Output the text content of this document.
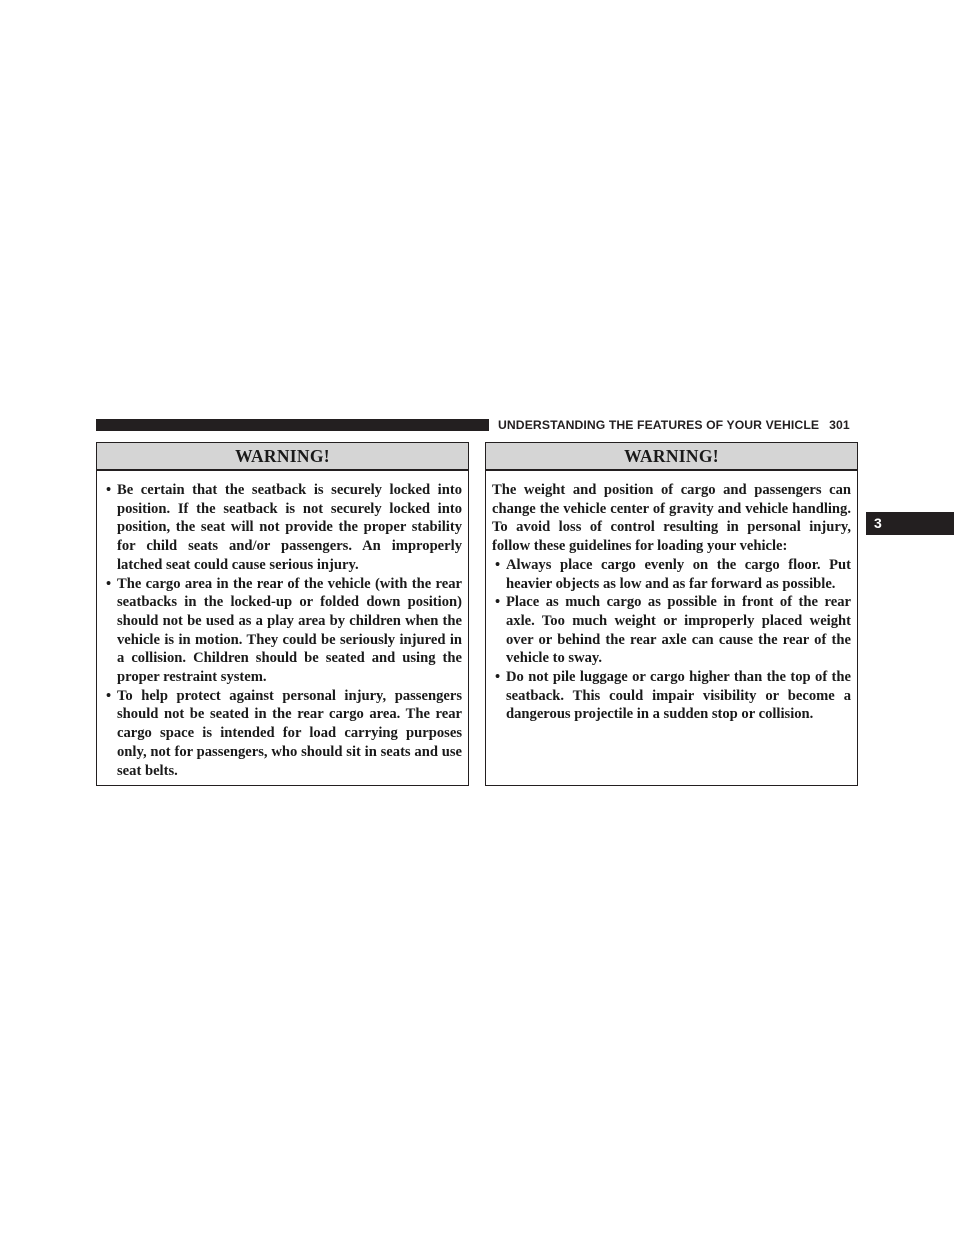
UNDERSTANDING THE FEATURES OF YOUR VEHICLE 301
3
WARNING!
• Be certain that the seatback is securely locked into position. If the seatback is not securely locked into position, the seat will not provide the proper stability for child seats and/or passengers. An improperly latched seat could cause serious injury.
• The cargo area in the rear of the vehicle (with the rear seatbacks in the locked-up or folded down position) should not be used as a play area by children when the vehicle is in motion. They could be seriously injured in a collision. Children should be seated and using the proper restraint system.
• To help protect against personal injury, passengers should not be seated in the rear cargo area. The rear cargo space is intended for load carrying purposes only, not for passengers, who should sit in seats and use seat belts.
WARNING!

The weight and position of cargo and passengers can change the vehicle center of gravity and vehicle handling. To avoid loss of control resulting in personal injury, follow these guidelines for loading your vehicle:

• Always place cargo evenly on the cargo floor. Put heavier objects as low and as far forward as possible.
• Place as much cargo as possible in front of the rear axle. Too much weight or improperly placed weight over or behind the rear axle can cause the rear of the vehicle to sway.
• Do not pile luggage or cargo higher than the top of the seatback. This could impair visibility or become a dangerous projectile in a sudden stop or collision.
